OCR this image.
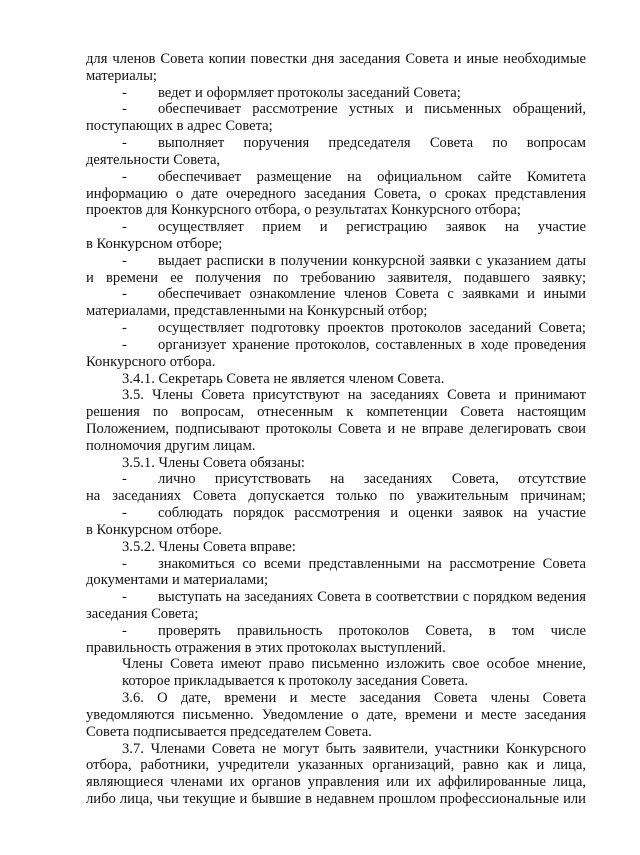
для членов Совета копии повестки дня заседания Совета и иные необходимые
материалы;
- ведет и оформляет протоколы заседаний Совета;
- обеспечивает рассмотрение устных и письменных обращений,
поступающих в адрес Совета;
- выполняет поручения председателя Совета по вопросам
деятельности Совета,
- обеспечивает размещение на официальном сайте Комитета
информацию о дате очередного заседания Совета, о сроках представления
проектов для Конкурсного отбора, о результатах Конкурсного отбора;
- осуществляет прием и регистрацию заявок на участие
в Конкурсном отборе;
- выдает расписки в получении конкурсной заявки с указанием даты
и времени ее получения по требованию заявителя, подавшего заявку;
- обеспечивает ознакомление членов Совета с заявками и иными
материалами, представленными на Конкурсный отбор;
- осуществляет подготовку проектов протоколов заседаний Совета;
- организует хранение протоколов, составленных в ходе проведения
Конкурсного отбора.
3.4.1. Секретарь Совета не является членом Совета.
3.5. Члены Совета присутствуют на заседаниях Совета и принимают
решения по вопросам, отнесенным к компетенции Совета настоящим
Положением, подписывают протоколы Совета и не вправе делегировать свои
полномочия другим лицам.
3.5.1. Члены Совета обязаны:
- лично присутствовать на заседаниях Совета, отсутствие
на заседаниях Совета допускается только по уважительным причинам;
- соблюдать порядок рассмотрения и оценки заявок на участие
в Конкурсном отборе.
3.5.2. Члены Совета вправе:
- знакомиться со всеми представленными на рассмотрение Совета
документами и материалами;
- выступать на заседаниях Совета в соответствии с порядком ведения
заседания Совета;
- проверять правильность протоколов Совета, в том числе
правильность отражения в этих протоколах выступлений.
Члены Совета имеют право письменно изложить свое особое мнение,
которое прикладывается к протоколу заседания Совета.
3.6. О дате, времени и месте заседания Совета члены Совета
уведомляются письменно. Уведомление о дате, времени и месте заседания
Совета подписывается председателем Совета.
3.7. Членами Совета не могут быть заявители, участники Конкурсного
отбора, работники, учредители указанных организаций, равно как и лица,
являющиеся членами их органов управления или их аффилированные лица,
либо лица, чьи текущие и бывшие в недавнем прошлом профессиональные или
